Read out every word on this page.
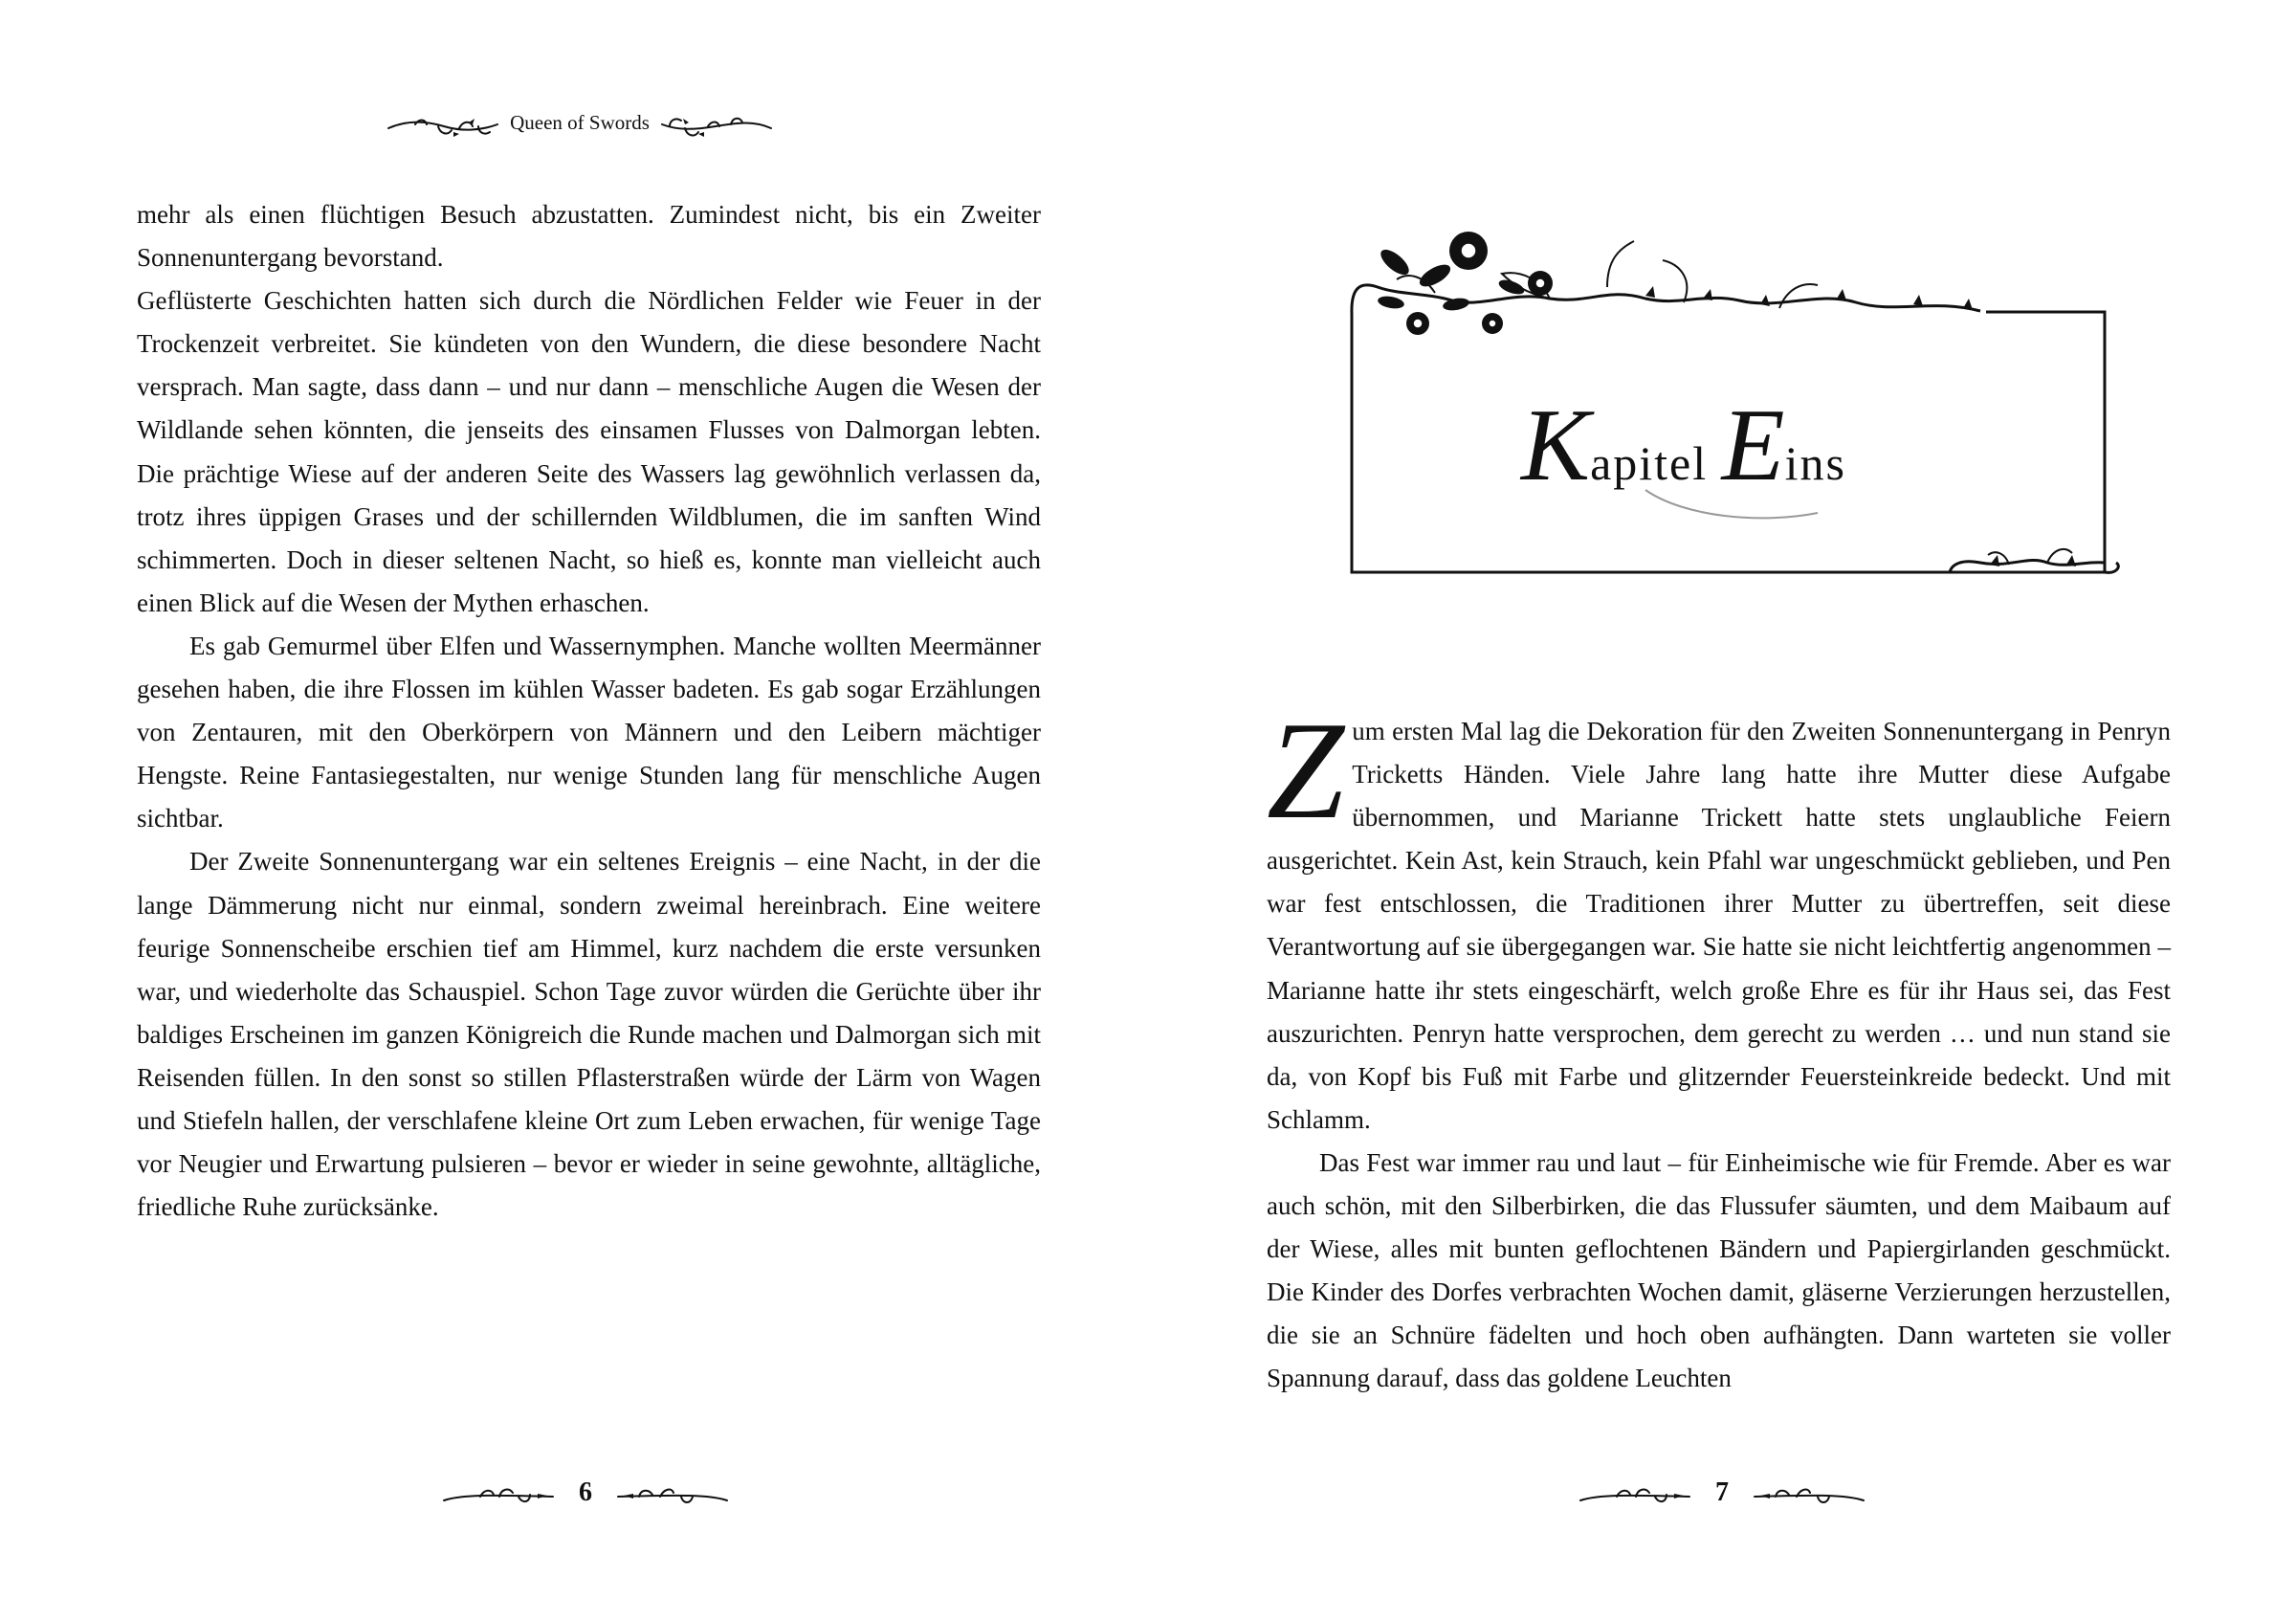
Queen of Swords

mehr als einen flüchtigen Besuch abzustatten. Zumindest nicht, bis ein Zweiter Sonnenuntergang bevorstand.

Geflüsterte Geschichten hatten sich durch die Nördlichen Felder wie Feuer in der Trockenzeit verbreitet. Sie kündeten von den Wundern, die diese besondere Nacht versprach. Man sagte, dass dann – und nur dann – menschliche Augen die Wesen der Wildlande sehen könnten, die jenseits des einsamen Flusses von Dalmorgan lebten. Die prächtige Wiese auf der anderen Seite des Wassers lag gewöhnlich verlassen da, trotz ihres üppigen Grases und der schillernden Wildblumen, die im sanften Wind schimmerten. Doch in dieser seltenen Nacht, so hieß es, konnte man vielleicht auch einen Blick auf die Wesen der Mythen erhaschen.

Es gab Gemurmel über Elfen und Wassernymphen. Manche wollten Meermänner gesehen haben, die ihre Flossen im kühlen Wasser badeten. Es gab sogar Erzählungen von Zentauren, mit den Oberkörpern von Männern und den Leibern mächtiger Hengste. Reine Fantasiegestalten, nur wenige Stunden lang für menschliche Augen sichtbar.

Der Zweite Sonnenuntergang war ein seltenes Ereignis – eine Nacht, in der die lange Dämmerung nicht nur einmal, sondern zweimal hereinbrach. Eine weitere feurige Sonnenscheibe erschien tief am Himmel, kurz nachdem die erste versunken war, und wiederholte das Schauspiel. Schon Tage zuvor würden die Gerüchte über ihr baldiges Erscheinen im ganzen Königreich die Runde machen und Dalmorgan sich mit Reisenden füllen. In den sonst so stillen Pflasterstraßen würde der Lärm von Wagen und Stiefeln hallen, der verschlafene kleine Ort zum Leben erwachen, für wenige Tage vor Neugier und Erwartung pulsieren – bevor er wieder in seine gewohnte, alltägliche, friedliche Ruhe zurücksänke.

6
Kapitel Eins

Zum ersten Mal lag die Dekoration für den Zweiten Sonnenuntergang in Penryn Tricketts Händen. Viele Jahre lang hatte ihre Mutter diese Aufgabe übernommen, und Marianne Trickett hatte stets unglaubliche Feiern ausgerichtet. Kein Ast, kein Strauch, kein Pfahl war ungeschmückt geblieben, und Pen war fest entschlossen, die Traditionen ihrer Mutter zu übertreffen, seit diese Verantwortung auf sie übergegangen war. Sie hatte sie nicht leichtfertig angenommen – Marianne hatte ihr stets eingeschärft, welch große Ehre es für ihr Haus sei, das Fest auszurichten. Penryn hatte versprochen, dem gerecht zu werden … und nun stand sie da, von Kopf bis Fuß mit Farbe und glitzernder Feuersteinkreide bedeckt. Und mit Schlamm.

Das Fest war immer rau und laut – für Einheimische wie für Fremde. Aber es war auch schön, mit den Silberbirken, die das Flussufer säumten, und dem Maibaum auf der Wiese, alles mit bunten geflochtenen Bändern und Papiergirlanden geschmückt. Die Kinder des Dorfes verbrachten Wochen damit, gläserne Verzierungen herzustellen, die sie an Schnüre fädelten und hoch oben aufhängten. Dann warteten sie voller Spannung darauf, dass das goldene Leuchten

7
